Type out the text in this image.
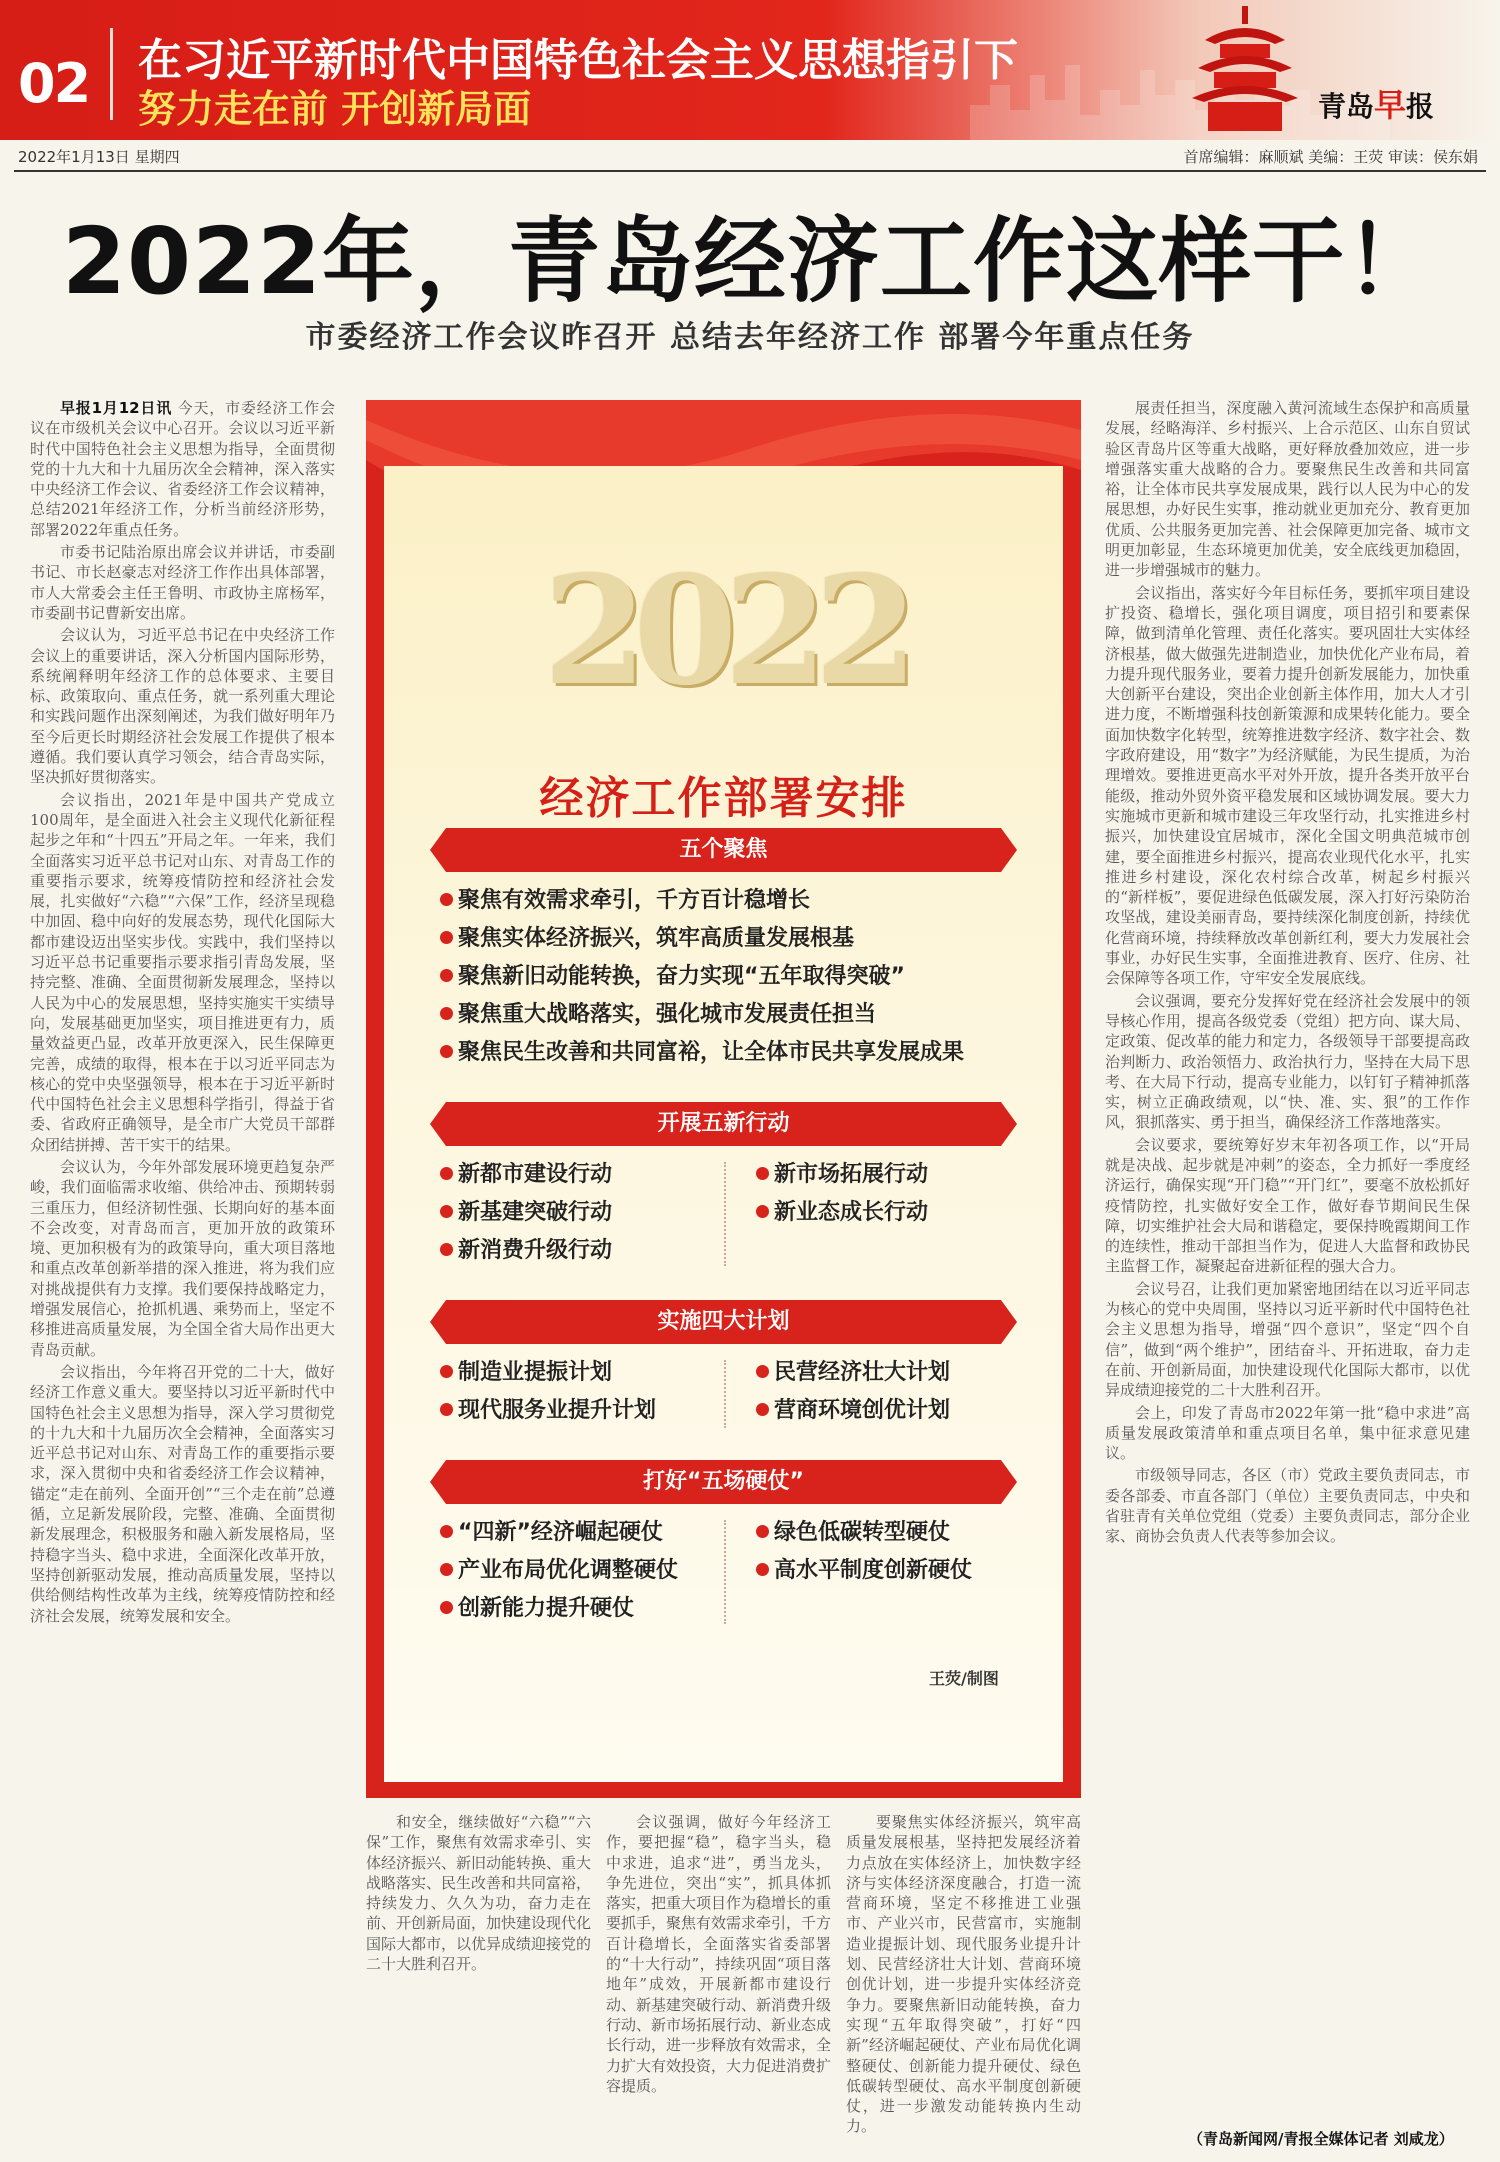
02 在习近平新时代中国特色社会主义思想指引下
努力走在前 开创新局面	青岛早报
2022年1月13日 星期四	首席编辑：麻顺斌 美编：王荧 审读：侯东娟
2022年，青岛经济工作这样干！
市委经济工作会议昨召开 总结去年经济工作 部署今年重点任务

早报1月12日讯 今天，市委经济工作会议在市级机关会议中心召开。会议以习近平新时代中国特色社会主义思想为指导，全面贯彻党的十九大和十九届历次全会精神，深入落实中央经济工作会议、省委经济工作会议精神，总结2021年经济工作，分析当前经济形势，部署2022年重点任务。

市委书记陆治原出席会议并讲话，市委副书记、市长赵豪志对经济工作作出具体部署，市人大常委会主任王鲁明、市政协主席杨军，市委副书记曹新安出席。

会议认为，习近平总书记在中央经济工作会议上的重要讲话，深入分析国内国际形势，系统阐释明年经济工作的总体要求、主要目标、政策取向、重点任务，就一系列重大理论和实践问题作出深刻阐述，为我们做好明年乃至今后更长时期经济社会发展工作提供了根本遵循。我们要认真学习领会，结合青岛实际，坚决抓好贯彻落实。

会议指出，2021年是中国共产党成立100周年，是全面进入社会主义现代化新征程起步之年和“十四五”开局之年。一年来，我们全面落实习近平总书记对山东、对青岛工作的重要指示要求，统筹疫情防控和经济社会发展，扎实做好“六稳”“六保”工作，经济呈现稳中加固、稳中向好的发展态势，现代化国际大都市建设迈出坚实步伐。实践中，我们坚持以习近平总书记重要指示要求指引青岛发展，坚持完整、准确、全面贯彻新发展理念，坚持以人民为中心的发展思想，坚持实施实干实绩导向，发展基础更加坚实，项目推进更有力，质量效益更凸显，改革开放更深入，民生保障更完善，成绩的取得，根本在于以习近平同志为核心的党中央坚强领导，根本在于习近平新时代中国特色社会主义思想科学指引，得益于省委、省政府正确领导，是全市广大党员干部群众团结拼搏、苦干实干的结果。

会议认为，今年外部发展环境更趋复杂严峻，我们面临需求收缩、供给冲击、预期转弱三重压力，但经济韧性强、长期向好的基本面不会改变，对青岛而言，更加开放的政策环境、更加积极有为的政策导向，重大项目落地和重点改革创新举措的深入推进，将为我们应对挑战提供有力支撑。我们要保持战略定力，增强发展信心，抢抓机遇、乘势而上，坚定不移推进高质量发展，为全国全省大局作出更大青岛贡献。

会议指出，今年将召开党的二十大，做好经济工作意义重大。要坚持以习近平新时代中国特色社会主义思想为指导，深入学习贯彻党的十九大和十九届历次全会精神，全面落实习近平总书记对山东、对青岛工作的重要指示要求，深入贯彻中央和省委经济工作会议精神，锚定“走在前列、全面开创”“三个走在前”总遵循，立足新发展阶段，完整、准确、全面贯彻新发展理念，积极服务和融入新发展格局，坚持稳字当头、稳中求进，全面深化改革开放，坚持创新驱动发展，推动高质量发展，坚持以供给侧结构性改革为主线，统筹疫情防控和经济社会发展，统筹发展和安全。

2022
经济工作部署安排
五个聚焦
聚焦有效需求牵引，千方百计稳增长
聚焦实体经济振兴，筑牢高质量发展根基
聚焦新旧动能转换，奋力实现“五年取得突破”
聚焦重大战略落实，强化城市发展责任担当
聚焦民生改善和共同富裕，让全体市民共享发展成果
开展五新行动
新都市建设行动	新市场拓展行动
新基建突破行动	新业态成长行动
新消费升级行动
实施四大计划
制造业提振计划	民营经济壮大计划
现代服务业提升计划	营商环境创优计划
打好“五场硬仗”
“四新”经济崛起硬仗	绿色低碳转型硬仗
产业布局优化调整硬仗	高水平制度创新硬仗
创新能力提升硬仗
王荧/制图

和安全，继续做好“六稳”“六保”工作，聚焦有效需求牵引、实体经济振兴、新旧动能转换、重大战略落实、民生改善和共同富裕，持续发力、久久为功，奋力走在前、开创新局面，加快建设现代化国际大都市，以优异成绩迎接党的二十大胜利召开。

会议强调，做好今年经济工作，要把握“稳”，稳字当头，稳中求进，追求“进”，勇当龙头，争先进位，突出“实”，抓具体抓落实，把重大项目作为稳增长的重要抓手，聚焦有效需求牵引，千方百计稳增长，全面落实省委部署的“十大行动”，持续巩固“项目落地年”成效，开展新都市建设行动、新基建突破行动、新消费升级行动、新市场拓展行动、新业态成长行动，进一步释放有效需求，全力扩大有效投资，大力促进消费扩容提质。

要聚焦实体经济振兴，筑牢高质量发展根基，坚持把发展经济着力点放在实体经济上，加快数字经济与实体经济深度融合，打造一流营商环境，坚定不移推进工业强市、产业兴市，民营富市，实施制造业提振计划、现代服务业提升计划、民营经济壮大计划、营商环境创优计划，进一步提升实体经济竞争力。要聚焦新旧动能转换，奋力实现“五年取得突破”，打好“四新”经济崛起硬仗、产业布局优化调整硬仗、创新能力提升硬仗、绿色低碳转型硬仗、高水平制度创新硬仗，进一步激发动能转换内生动力。

展责任担当，深度融入黄河流域生态保护和高质量发展，经略海洋、乡村振兴、上合示范区、山东自贸试验区青岛片区等重大战略，更好释放叠加效应，进一步增强落实重大战略的合力。要聚焦民生改善和共同富裕，让全体市民共享发展成果，践行以人民为中心的发展思想，办好民生实事，推动就业更加充分、教育更加优质、公共服务更加完善、社会保障更加完备、城市文明更加彰显，生态环境更加优美，安全底线更加稳固，进一步增强城市的魅力。

会议指出，落实好今年目标任务，要抓牢项目建设扩投资、稳增长，强化项目调度，项目招引和要素保障，做到清单化管理、责任化落实。要巩固壮大实体经济根基，做大做强先进制造业，加快优化产业布局，着力提升现代服务业，要着力提升创新发展能力，加快重大创新平台建设，突出企业创新主体作用，加大人才引进力度，不断增强科技创新策源和成果转化能力。要全面加快数字化转型，统筹推进数字经济、数字社会、数字政府建设，用“数字”为经济赋能，为民生提质，为治理增效。要推进更高水平对外开放，提升各类开放平台能级，推动外贸外资平稳发展和区域协调发展。要大力实施城市更新和城市建设三年攻坚行动，扎实推进乡村振兴，加快建设宜居城市，深化全国文明典范城市创建，要全面推进乡村振兴，提高农业现代化水平，扎实推进乡村建设，深化农村综合改革，树起乡村振兴的“新样板”，要促进绿色低碳发展，深入打好污染防治攻坚战，建设美丽青岛，要持续深化制度创新，持续优化营商环境，持续释放改革创新红利，要大力发展社会事业，办好民生实事，全面推进教育、医疗、住房、社会保障等各项工作，守牢安全发展底线。

会议强调，要充分发挥好党在经济社会发展中的领导核心作用，提高各级党委（党组）把方向、谋大局、定政策、促改革的能力和定力，各级领导干部要提高政治判断力、政治领悟力、政治执行力，坚持在大局下思考、在大局下行动，提高专业能力，以钉钉子精神抓落实，树立正确政绩观，以“快、准、实、狠”的工作作风，狠抓落实、勇于担当，确保经济工作落地落实。

会议要求，要统筹好岁末年初各项工作，以“开局就是决战、起步就是冲刺”的姿态，全力抓好一季度经济运行，确保实现“开门稳”“开门红”，要毫不放松抓好疫情防控，扎实做好安全工作，做好春节期间民生保障，切实维护社会大局和谐稳定，要保持晚霞期间工作的连续性，推动干部担当作为，促进人大监督和政协民主监督工作，凝聚起奋进新征程的强大合力。

会议号召，让我们更加紧密地团结在以习近平同志为核心的党中央周围，坚持以习近平新时代中国特色社会主义思想为指导，增强“四个意识”，坚定“四个自信”，做到“两个维护”，团结奋斗、开拓进取，奋力走在前、开创新局面，加快建设现代化国际大都市，以优异成绩迎接党的二十大胜利召开。

会上，印发了青岛市2022年第一批“稳中求进”高质量发展政策清单和重点项目名单，集中征求意见建议。

市级领导同志，各区（市）党政主要负责同志，市委各部委、市直各部门（单位）主要负责同志，中央和省驻青有关单位党组（党委）主要负责同志，部分企业家、商协会负责人代表等参加会议。

（青岛新闻网/青报全媒体记者 刘咸龙）
